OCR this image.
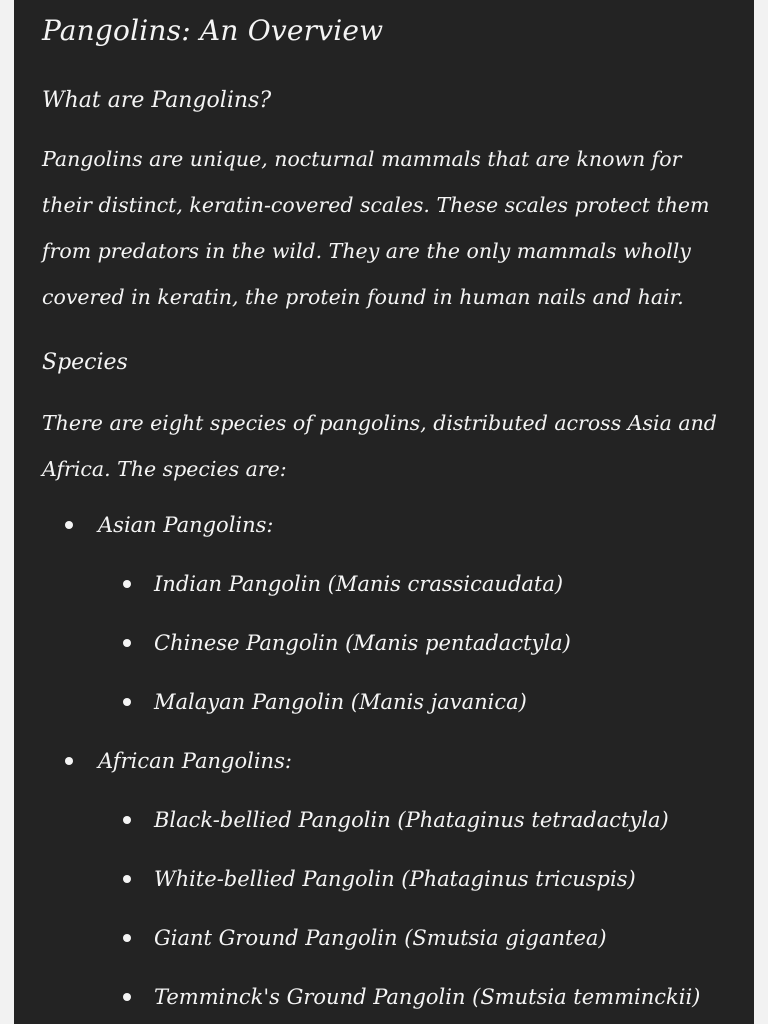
Pangolins: An Overview
What are Pangolins?

Pangolins are unique, nocturnal mammals that are known for their distinct, keratin-covered scales. These scales protect them from predators in the wild. They are the only mammals wholly covered in keratin, the protein found in human nails and hair.

Species

There are eight species of pangolins, distributed across Asia and Africa. The species are:

Asian Pangolins:
Indian Pangolin (Manis crassicaudata)
Chinese Pangolin (Manis pentadactyla)
Malayan Pangolin (Manis javanica)
African Pangolins:
Black-bellied Pangolin (Phataginus tetradactyla)
White-bellied Pangolin (Phataginus tricuspis)
Giant Ground Pangolin (Smutsia gigantea)
Temminck's Ground Pangolin (Smutsia temminckii)
